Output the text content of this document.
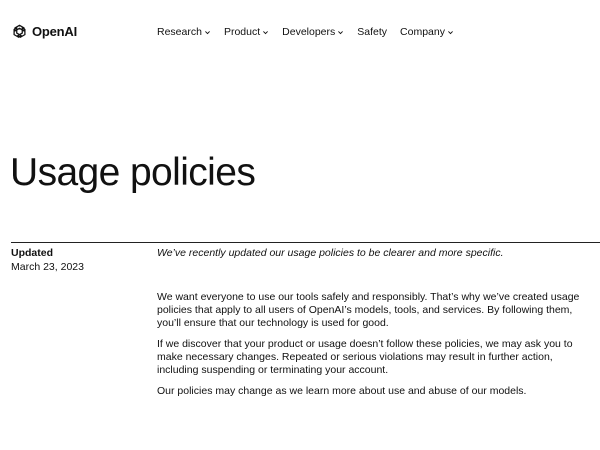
OpenAI	Research Product Developers Safety Company
Usage policies
Updated
March 23, 2023
We’ve recently updated our usage policies to be clearer and more specific.

We want everyone to use our tools safely and responsibly. That’s why we’ve created usage policies that apply to all users of OpenAI’s models, tools, and services. By following them, you’ll ensure that our technology is used for good.

If we discover that your product or usage doesn’t follow these policies, we may ask you to make necessary changes. Repeated or serious violations may result in further action, including suspending or terminating your account.

Our policies may change as we learn more about use and abuse of our models.
